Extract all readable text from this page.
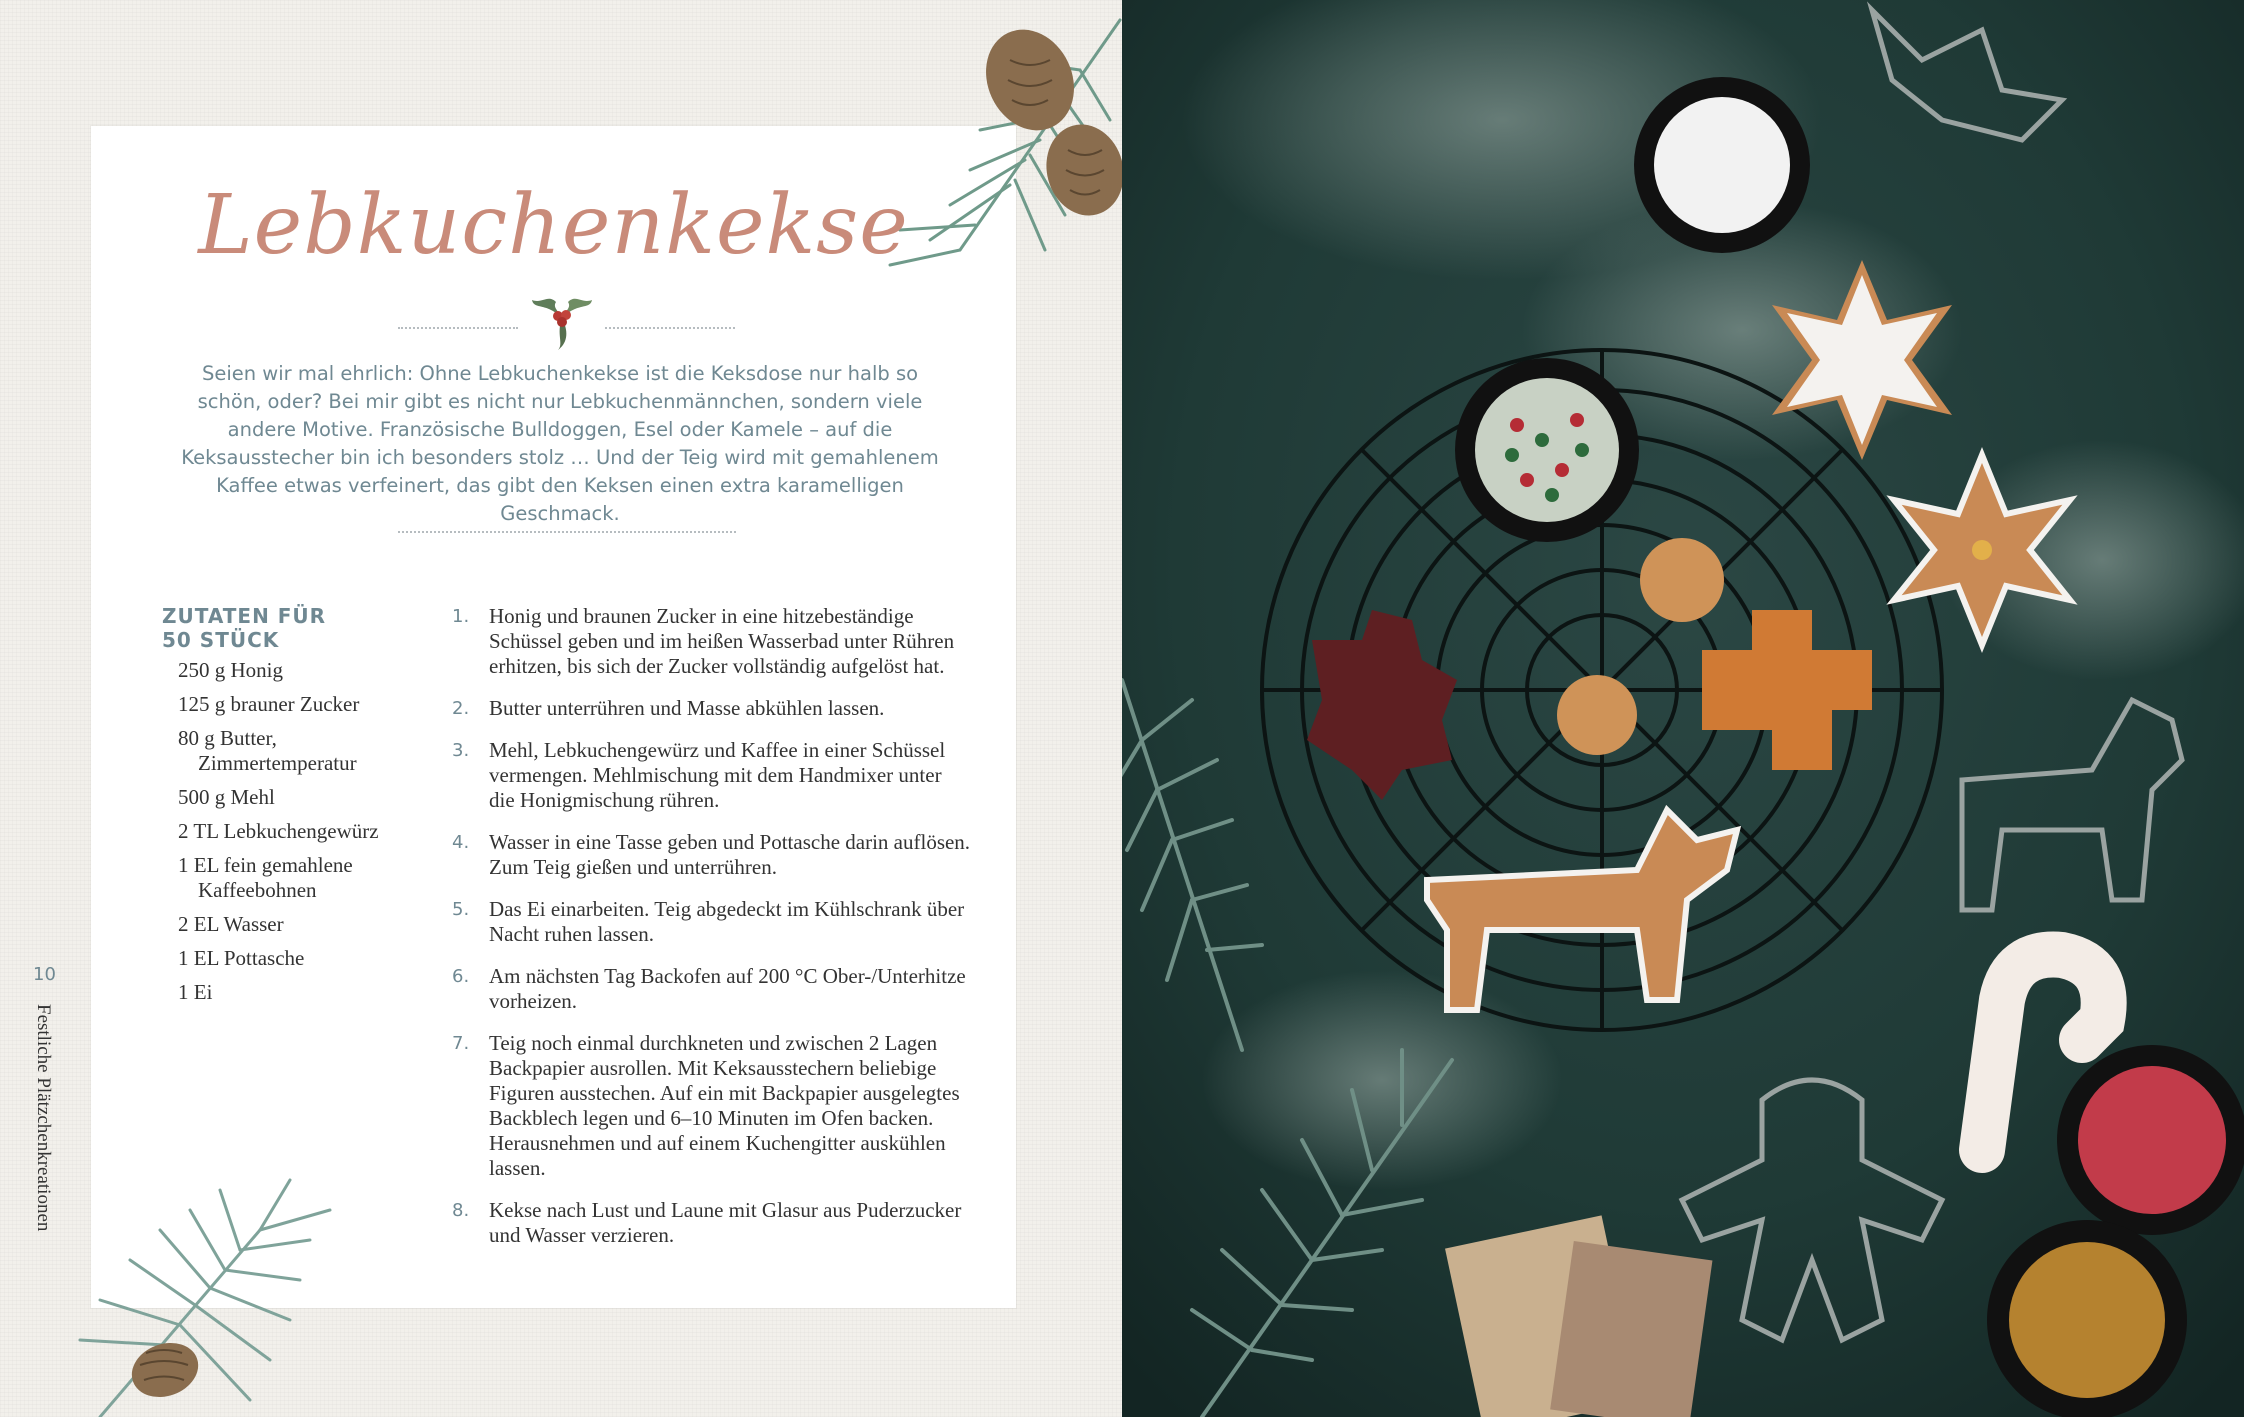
Lebkuchenkekse
Seien wir mal ehrlich: Ohne Lebkuchenkekse ist die Keksdose nur halb so schön, oder? Bei mir gibt es nicht nur Lebkuchenmännchen, sondern viele andere Motive. Französische Bulldoggen, Esel oder Kamele – auf die Keksausstecher bin ich besonders stolz … Und der Teig wird mit gemahlenem Kaffee etwas verfeinert, das gibt den Keksen einen extra karamelligen Geschmack.
ZUTATEN FÜR 50 STÜCK
250 g Honig
125 g brauner Zucker
80 g Butter, Zimmertemperatur
500 g Mehl
2 TL Lebkuchengewürz
1 EL fein gemahlene Kaffeebohnen
2 EL Wasser
1 EL Pottasche
1 Ei
1. Honig und braunen Zucker in eine hitzebeständige Schüssel geben und im heißen Wasserbad unter Rühren erhitzen, bis sich der Zucker vollständig aufgelöst hat.
2. Butter unterrühren und Masse abkühlen lassen.
3. Mehl, Lebkuchengewürz und Kaffee in einer Schüssel vermengen. Mehlmischung mit dem Handmixer unter die Honigmischung rühren.
4. Wasser in eine Tasse geben und Pottasche darin auflösen. Zum Teig gießen und unterrühren.
5. Das Ei einarbeiten. Teig abgedeckt im Kühlschrank über Nacht ruhen lassen.
6. Am nächsten Tag Backofen auf 200 °C Ober-/Unterhitze vorheizen.
7. Teig noch einmal durchkneten und zwischen 2 Lagen Backpapier ausrollen. Mit Keksausstechern beliebige Figuren ausstechen. Auf ein mit Backpapier ausgelegtes Backblech legen und 6–10 Minuten im Ofen backen. Herausnehmen und auf einem Kuchengitter auskühlen lassen.
8. Kekse nach Lust und Laune mit Glasur aus Puderzucker und Wasser verzieren.
10
Festliche Plätzchenkreationen
